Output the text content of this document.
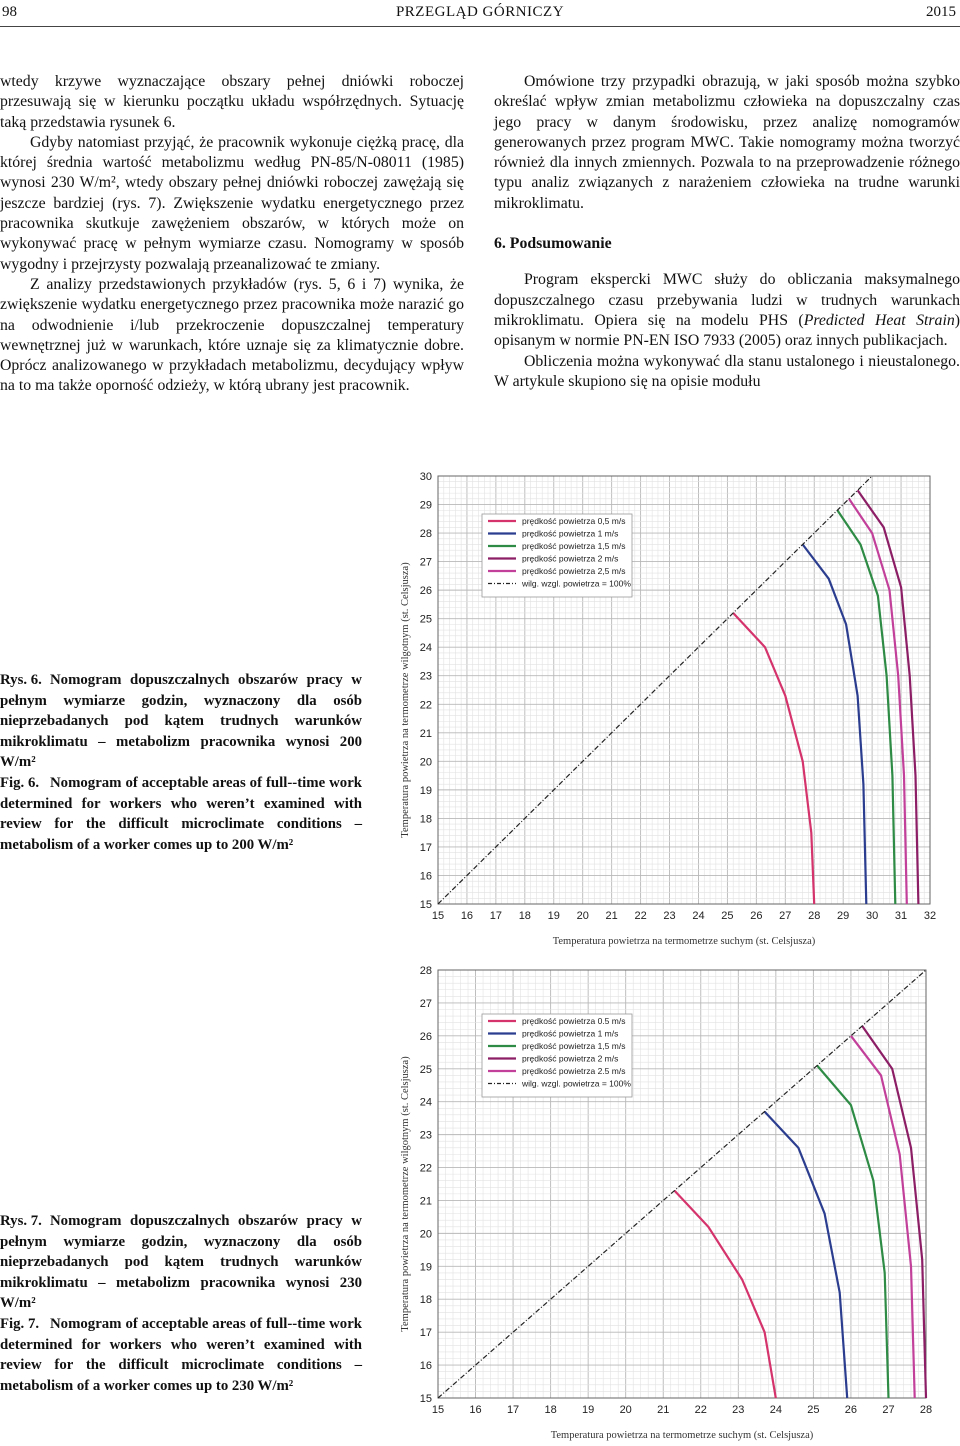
98	PRZEGLĄD GÓRNICZY	2015

wtedy krzywe wyznaczające obszary pełnej dniówki roboczej przesuwają się w kierunku początku układu współrzędnych. Sytuację taką przedstawia rysunek 6.

Gdyby natomiast przyjąć, że pracownik wykonuje ciężką pracę, dla której średnia wartość metabolizmu według PN-85/N-08011 (1985) wynosi 230 W/m², wtedy obszary pełnej dniówki roboczej zawężają się jeszcze bardziej (rys. 7). Zwiększenie wydatku energetycznego przez pracownika skutkuje zawężeniem obszarów, w których może on wykonywać pracę w pełnym wymiarze czasu. Nomogramy w sposób wygodny i przejrzysty pozwalają przeanalizować te zmiany.

Z analizy przedstawionych przykładów (rys. 5, 6 i 7) wynika, że zwiększenie wydatku energetycznego przez pracownika może narazić go na odwodnienie i/lub przekroczenie dopuszczalnej temperatury wewnętrznej już w warunkach, które uznaje się za klimatycznie dobre. Oprócz analizowanego w przykładach metabolizmu, decydujący wpływ na to ma także oporność odzieży, w którą ubrany jest pracownik.

Omówione trzy przypadki obrazują, w jaki sposób można szybko określać wpływ zmian metabolizmu człowieka na dopuszczalny czas jego pracy w danym środowisku, przez analizę nomogramów generowanych przez program MWC. Takie nomogramy można tworzyć również dla innych zmiennych. Pozwala to na przeprowadzenie różnego typu analiz związanych z narażeniem człowieka na trudne warunki mikroklimatu.

6. Podsumowanie

Program ekspercki MWC służy do obliczania maksymalnego dopuszczalnego czasu przebywania ludzi w trudnych warunkach mikroklimatu. Opiera się na modelu PHS (Predicted Heat Strain) opisanym w normie PN-EN ISO 7933 (2005) oraz innych publikacjach.

Obliczenia można wykonywać dla stanu ustalonego i nieustalonego. W artykule skupiono się na opisie modułu

Rys. 6. Nomogram dopuszczalnych obszarów pracy w pełnym wymiarze godzin, wyznaczony dla osób nieprzebadanych pod kątem trudnych warunków mikroklimatu – metabolizm pracownika wynosi 200 W/m²

Fig. 6. Nomogram of acceptable areas of full--time work determined for workers who weren’t examined with review for the difficult microclimate conditions – metabolism of a worker comes up to 200 W/m²

Rys. 7. Nomogram dopuszczalnych obszarów pracy w pełnym wymiarze godzin, wyznaczony dla osób nieprzebadanych pod kątem trudnych warunków mikroklimatu – metabolizm pracownika wynosi 230 W/m²

Fig. 7. Nomogram of acceptable areas of full--time work determined for workers who weren’t examined with review for the difficult microclimate conditions – metabolism of a worker comes up to 230 W/m²

15 16 17 18 19 20 21 22 23 24 25 26 27 28 29 30 31 32
15
16
17
18
19
20
21
22
23
24
25
26
27
28
29
30
Temperatura powietrza na termometrze suchym (st. Celsjusza)
Temperatura powietrza na termometrze wilgotnym (st. Celsjusza)
prędkość powietrza 0,5 m/s
prędkość powietrza 1 m/s
prędkość powietrza 1,5 m/s
prędkość powietrza 2 m/s
prędkość powietrza 2,5 m/s
wilg. wzgl. powietrza = 100%
15 16 17 18 19 20 21 22 23 24 25 26 27 28
15
16
17
18
19
20
21
22
23
24
25
26
27
28
Temperatura powietrza na termometrze suchym (st. Celsjusza)
Temperatura powietrza na termometrze wilgotnym (st. Celsjusza)
prędkość powietrza 0.5 m/s
prędkość powietrza 1 m/s
prędkość powietrza 1,5 m/s
prędkość powietrza 2 m/s
prędkość powietrza 2.5 m/s
wilg. wzgl. powietrza = 100%
